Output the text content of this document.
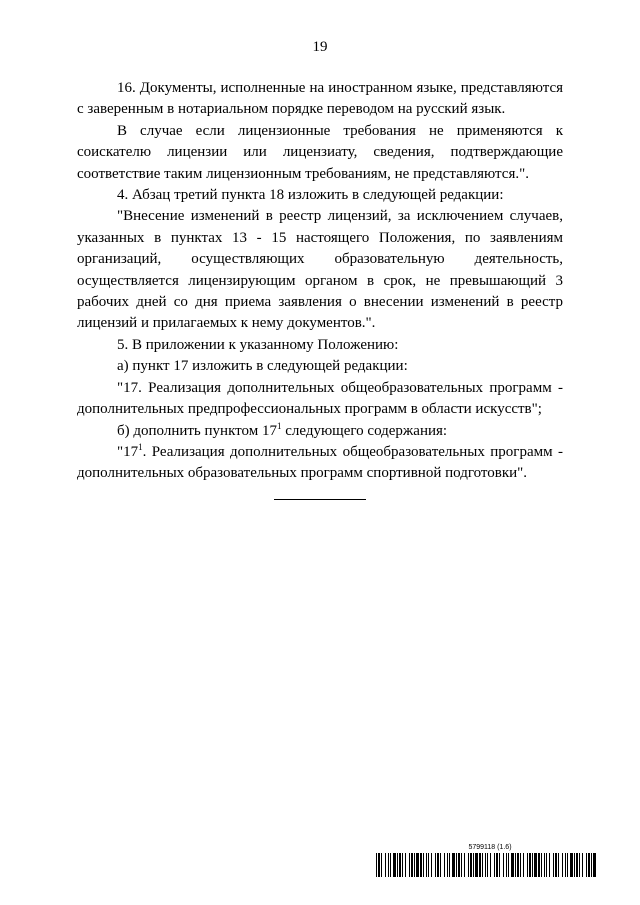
19

16. Документы, исполненные на иностранном языке, представляются с заверенным в нотариальном порядке переводом на русский язык.

В случае если лицензионные требования не применяются к соискателю лицензии или лицензиату, сведения, подтверждающие соответствие таким лицензионным требованиям, не представляются.".

4. Абзац третий пункта 18 изложить в следующей редакции:

"Внесение изменений в реестр лицензий, за исключением случаев, указанных в пунктах 13 - 15 настоящего Положения, по заявлениям организаций, осуществляющих образовательную деятельность, осуществляется лицензирующим органом в срок, не превышающий 3 рабочих дней со дня приема заявления о внесении изменений в реестр лицензий и прилагаемых к нему документов.".

5. В приложении к указанному Положению:

а) пункт 17 изложить в следующей редакции:

"17. Реализация дополнительных общеобразовательных программ - дополнительных предпрофессиональных программ в области искусств";

б) дополнить пунктом $17^1$ следующего содержания:

"$17^1$. Реализация дополнительных общеобразовательных программ - дополнительных образовательных программ спортивной подготовки".

5799118 (1.6)
